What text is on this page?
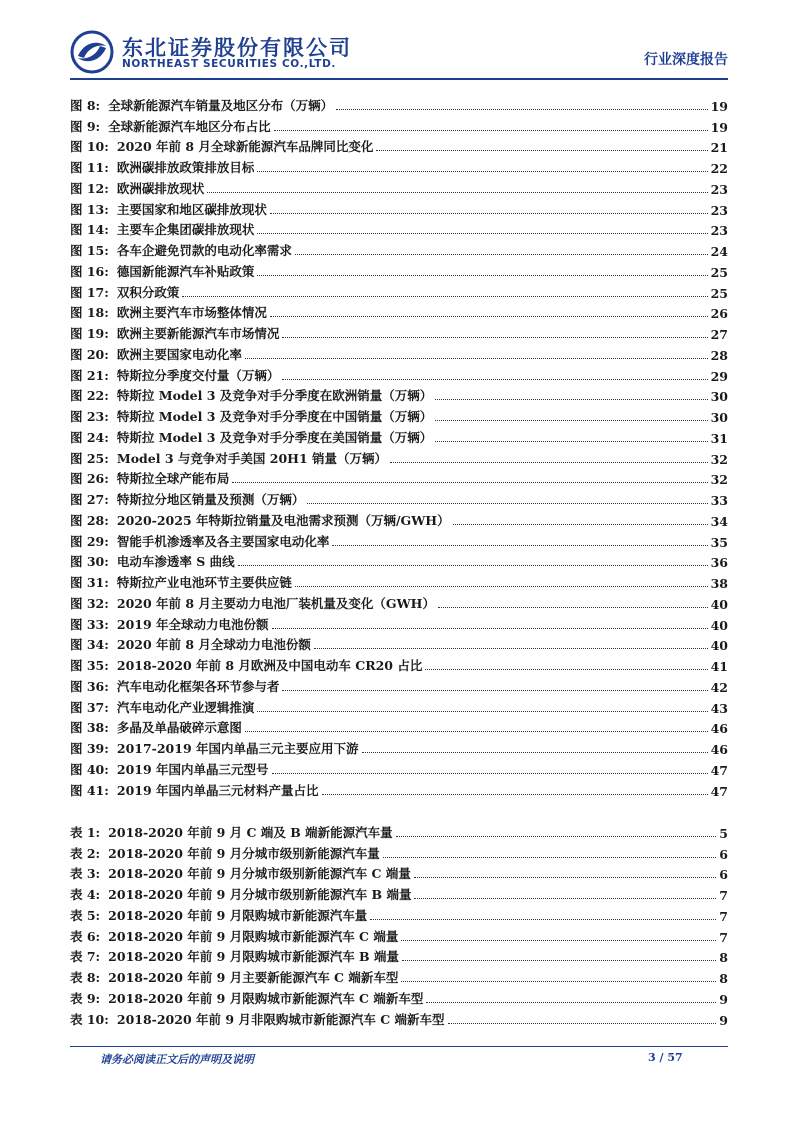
东北证券股份有限公司
NORTHEAST SECURITIES CO.,LTD.	行业深度报告
图 8: 全球新能源汽车销量及地区分布（万辆）	19
图 9: 全球新能源汽车地区分布占比	19
图 10: 2020 年前 8 月全球新能源汽车品牌同比变化	21
图 11: 欧洲碳排放政策排放目标	22
图 12: 欧洲碳排放现状	23
图 13: 主要国家和地区碳排放现状	23
图 14: 主要车企集团碳排放现状	23
图 15: 各车企避免罚款的电动化率需求	24
图 16: 德国新能源汽车补贴政策	25
图 17: 双积分政策	25
图 18: 欧洲主要汽车市场整体情况	26
图 19: 欧洲主要新能源汽车市场情况	27
图 20: 欧洲主要国家电动化率	28
图 21: 特斯拉分季度交付量（万辆）	29
图 22: 特斯拉 Model 3 及竞争对手分季度在欧洲销量（万辆）	30
图 23: 特斯拉 Model 3 及竞争对手分季度在中国销量（万辆）	30
图 24: 特斯拉 Model 3 及竞争对手分季度在美国销量（万辆）	31
图 25: Model 3 与竞争对手美国 20H1 销量（万辆）	32
图 26: 特斯拉全球产能布局	32
图 27: 特斯拉分地区销量及预测（万辆）	33
图 28: 2020-2025 年特斯拉销量及电池需求预测（万辆/GWH）	34
图 29: 智能手机渗透率及各主要国家电动化率	35
图 30: 电动车渗透率 S 曲线	36
图 31: 特斯拉产业电池环节主要供应链	38
图 32: 2020 年前 8 月主要动力电池厂装机量及变化（GWH）	40
图 33: 2019 年全球动力电池份额	40
图 34: 2020 年前 8 月全球动力电池份额	40
图 35: 2018-2020 年前 8 月欧洲及中国电动车 CR20 占比	41
图 36: 汽车电动化框架各环节参与者	42
图 37: 汽车电动化产业逻辑推演	43
图 38: 多晶及单晶破碎示意图	46
图 39: 2017-2019 年国内单晶三元主要应用下游	46
图 40: 2019 年国内单晶三元型号	47
图 41: 2019 年国内单晶三元材料产量占比	47
表 1: 2018-2020 年前 9 月 C 端及 B 端新能源汽车量	5
表 2: 2018-2020 年前 9 月分城市级别新能源汽车量	6
表 3: 2018-2020 年前 9 月分城市级别新能源汽车 C 端量	6
表 4: 2018-2020 年前 9 月分城市级别新能源汽车 B 端量	7
表 5: 2018-2020 年前 9 月限购城市新能源汽车量	7
表 6: 2018-2020 年前 9 月限购城市新能源汽车 C 端量	7
表 7: 2018-2020 年前 9 月限购城市新能源汽车 B 端量	8
表 8: 2018-2020 年前 9 月主要新能源汽车 C 端新车型	8
表 9: 2018-2020 年前 9 月限购城市新能源汽车 C 端新车型	9
表 10: 2018-2020 年前 9 月非限购城市新能源汽车 C 端新车型	9
请务必阅读正文后的声明及说明	3 / 57
